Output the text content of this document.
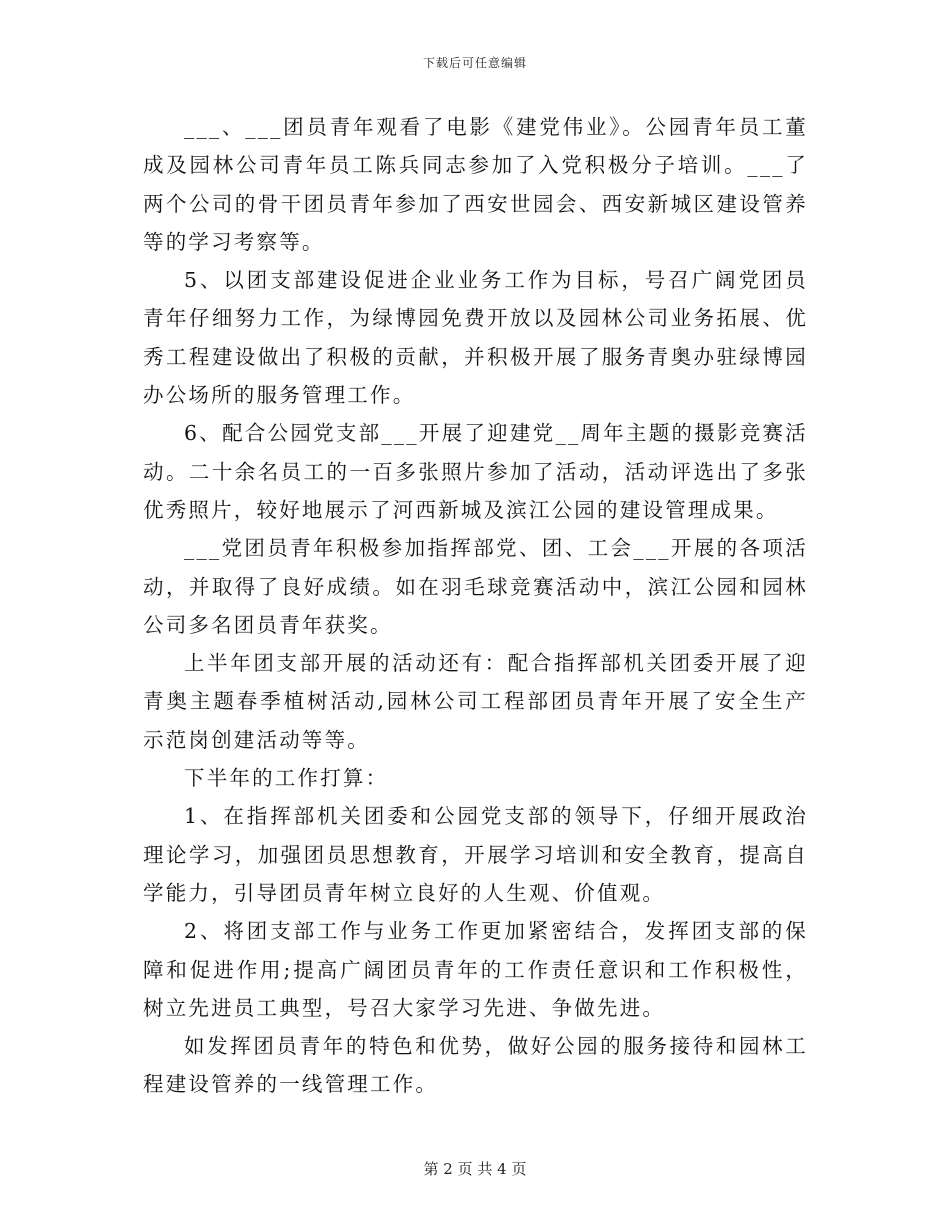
下载后可任意编辑

___、___团员青年观看了电影《建党伟业》。公园青年员工董成及园林公司青年员工陈兵同志参加了入党积极分子培训。___了两个公司的骨干团员青年参加了西安世园会、西安新城区建设管养等的学习考察等。

5、以团支部建设促进企业业务工作为目标，号召广阔党团员青年仔细努力工作，为绿博园免费开放以及园林公司业务拓展、优秀工程建设做出了积极的贡献，并积极开展了服务青奥办驻绿博园办公场所的服务管理工作。

6、配合公园党支部___开展了迎建党__周年主题的摄影竞赛活动。二十余名员工的一百多张照片参加了活动，活动评选出了多张优秀照片，较好地展示了河西新城及滨江公园的建设管理成果。

___党团员青年积极参加指挥部党、团、工会___开展的各项活动，并取得了良好成绩。如在羽毛球竞赛活动中，滨江公园和园林公司多名团员青年获奖。

上半年团支部开展的活动还有：配合指挥部机关团委开展了迎青奥主题春季植树活动,园林公司工程部团员青年开展了安全生产示范岗创建活动等等。

下半年的工作打算：

1、在指挥部机关团委和公园党支部的领导下，仔细开展政治理论学习，加强团员思想教育，开展学习培训和安全教育，提高自学能力，引导团员青年树立良好的人生观、价值观。

2、将团支部工作与业务工作更加紧密结合，发挥团支部的保障和促进作用;提高广阔团员青年的工作责任意识和工作积极性，树立先进员工典型，号召大家学习先进、争做先进。

如发挥团员青年的特色和优势，做好公园的服务接待和园林工程建设管养的一线管理工作。

第 2 页 共 4 页
